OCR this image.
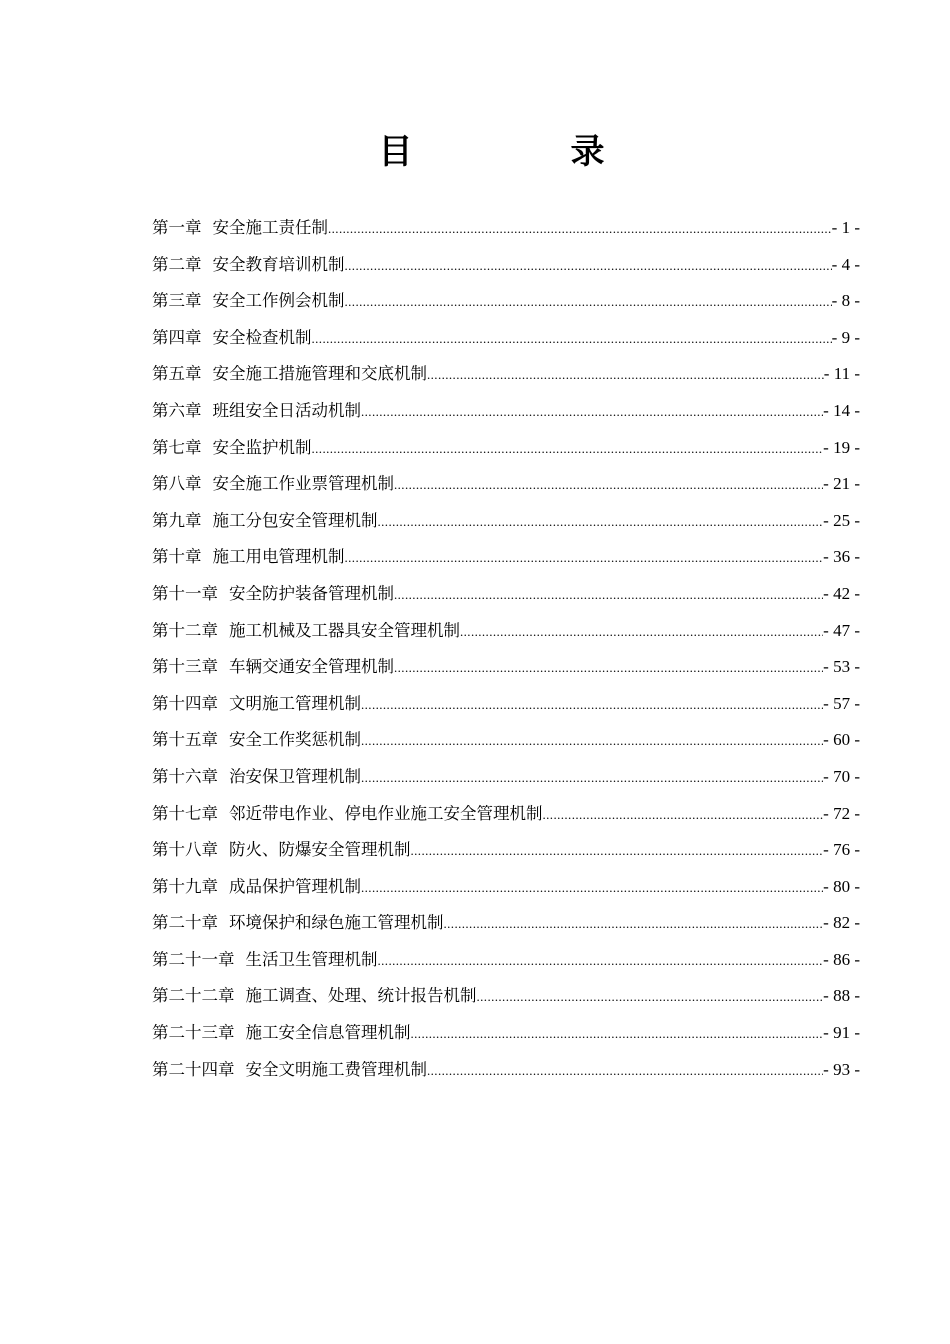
目　录
第一章 安全施工责任制 .....	- 1 -
第二章 安全教育培训机制 .....	- 4 -
第三章 安全工作例会机制 .....	- 8 -
第四章 安全检查机制 .....	- 9 -
第五章 安全施工措施管理和交底机制 .....	- 11 -
第六章 班组安全日活动机制 .....	- 14 -
第七章 安全监护机制 .....	- 19 -
第八章 安全施工作业票管理机制 .....	- 21 -
第九章 施工分包安全管理机制 .....	- 25 -
第十章 施工用电管理机制 .....	- 36 -
第十一章 安全防护装备管理机制 .....	- 42 -
第十二章 施工机械及工器具安全管理机制 .....	- 47 -
第十三章 车辆交通安全管理机制 .....	- 53 -
第十四章 文明施工管理机制 .....	- 57 -
第十五章 安全工作奖惩机制 .....	- 60 -
第十六章 治安保卫管理机制 .....	- 70 -
第十七章 邻近带电作业、停电作业施工安全管理机制 .....	- 72 -
第十八章 防火、防爆安全管理机制 .....	- 76 -
第十九章 成品保护管理机制 .....	- 80 -
第二十章 环境保护和绿色施工管理机制 .....	- 82 -
第二十一章 生活卫生管理机制 .....	- 86 -
第二十二章 施工调查、处理、统计报告机制 .....	- 88 -
第二十三章 施工安全信息管理机制 .....	- 91 -
第二十四章 安全文明施工费管理机制 .....	- 93 -
